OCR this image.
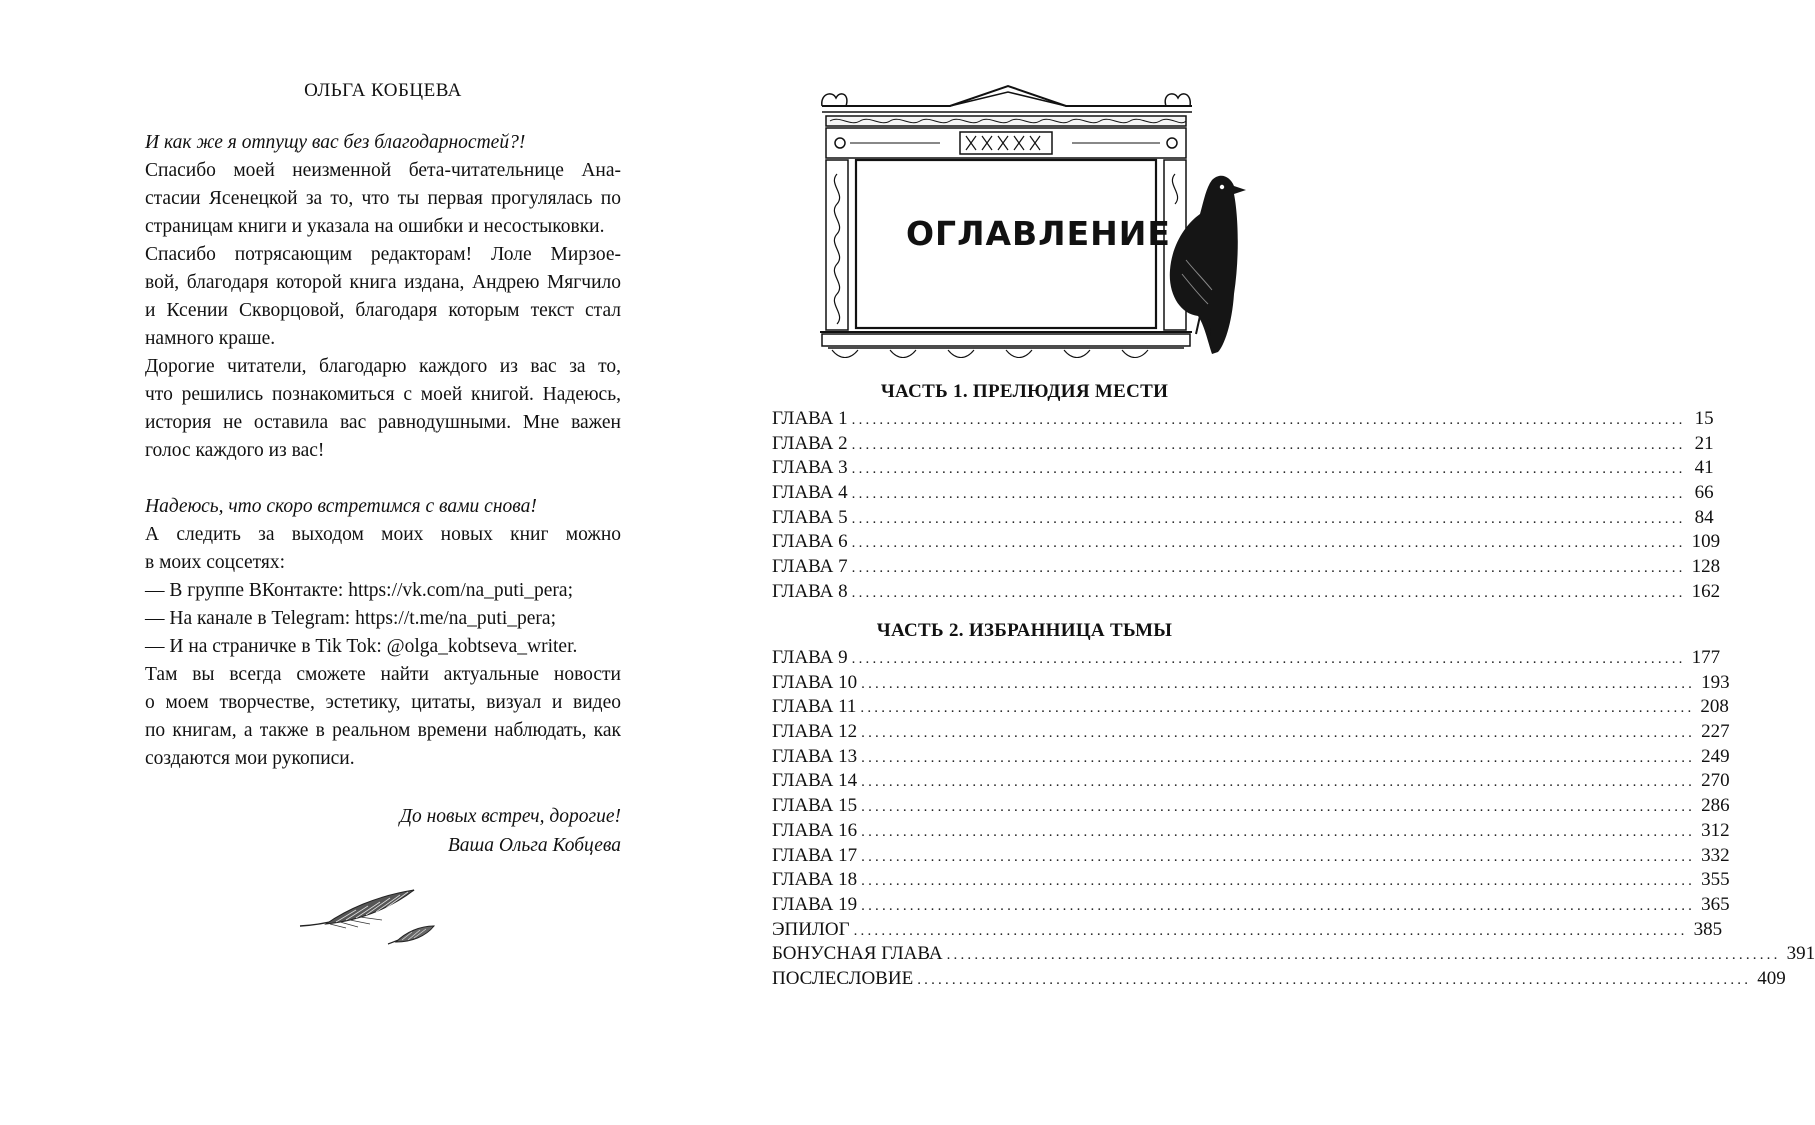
ОЛЬГА КОБЦЕВА

И как же я отпущу вас без благодарностей?!

Спасибо моей неизменной бета-читательнице Ана-
стасии Ясенецкой за то, что ты первая прогулялась по
страницам книги и указала на ошибки и несостыковки.
Спасибо потрясающим редакторам! Лоле Мирзое-
вой, благодаря которой книга издана, Андрею Мягчило
и Ксении Скворцовой, благодаря которым текст стал
намного краше.
Дорогие читатели, благодарю каждого из вас за то,
что решились познакомиться с моей книгой. Надеюсь,
история не оставила вас равнодушными. Мне важен
голос каждого из вас!

Надеюсь, что скоро встретимся с вами снова!

А следить за выходом моих новых книг можно
в моих соцсетях:
— В группе ВКонтакте: https://vk.com/na_puti_pera;
— На канале в Telegram: https://t.me/na_puti_pera;
— И на страничке в Tik Tok: @olga_kobtseva_writer.
Там вы всегда сможете найти актуальные новости
о моем творчестве, эстетику, цитаты, визуал и видео
по книгам, а также в реальном времени наблюдать, как
создаются мои рукописи.
До новых встреч, дорогие!
Ваша Ольга Кобцева
ОГЛАВЛЕНИЕ
ЧАСТЬ 1. ПРЕЛЮДИЯ МЕСТИ
ГЛАВА 1 ........................................................................................................................ 15
ГЛАВА 2 ........................................................................................................................ 21
ГЛАВА 3 ........................................................................................................................ 41
ГЛАВА 4 ........................................................................................................................ 66
ГЛАВА 5 ........................................................................................................................ 84
ГЛАВА 6 ........................................................................................................................ 109
ГЛАВА 7 ........................................................................................................................ 128
ГЛАВА 8 ........................................................................................................................ 162
ЧАСТЬ 2. ИЗБРАННИЦА ТЬМЫ
ГЛАВА 9 ........................................................................................................................ 177
ГЛАВА 10 ........................................................................................................................ 193
ГЛАВА 11 ........................................................................................................................ 208
ГЛАВА 12 ........................................................................................................................ 227
ГЛАВА 13 ........................................................................................................................ 249
ГЛАВА 14 ........................................................................................................................ 270
ГЛАВА 15 ........................................................................................................................ 286
ГЛАВА 16 ........................................................................................................................ 312
ГЛАВА 17 ........................................................................................................................ 332
ГЛАВА 18 ........................................................................................................................ 355
ГЛАВА 19 ........................................................................................................................ 365
ЭПИЛОГ ........................................................................................................................ 385
БОНУСНАЯ ГЛАВА ........................................................................................................................ 391
ПОСЛЕСЛОВИЕ ........................................................................................................................ 409
